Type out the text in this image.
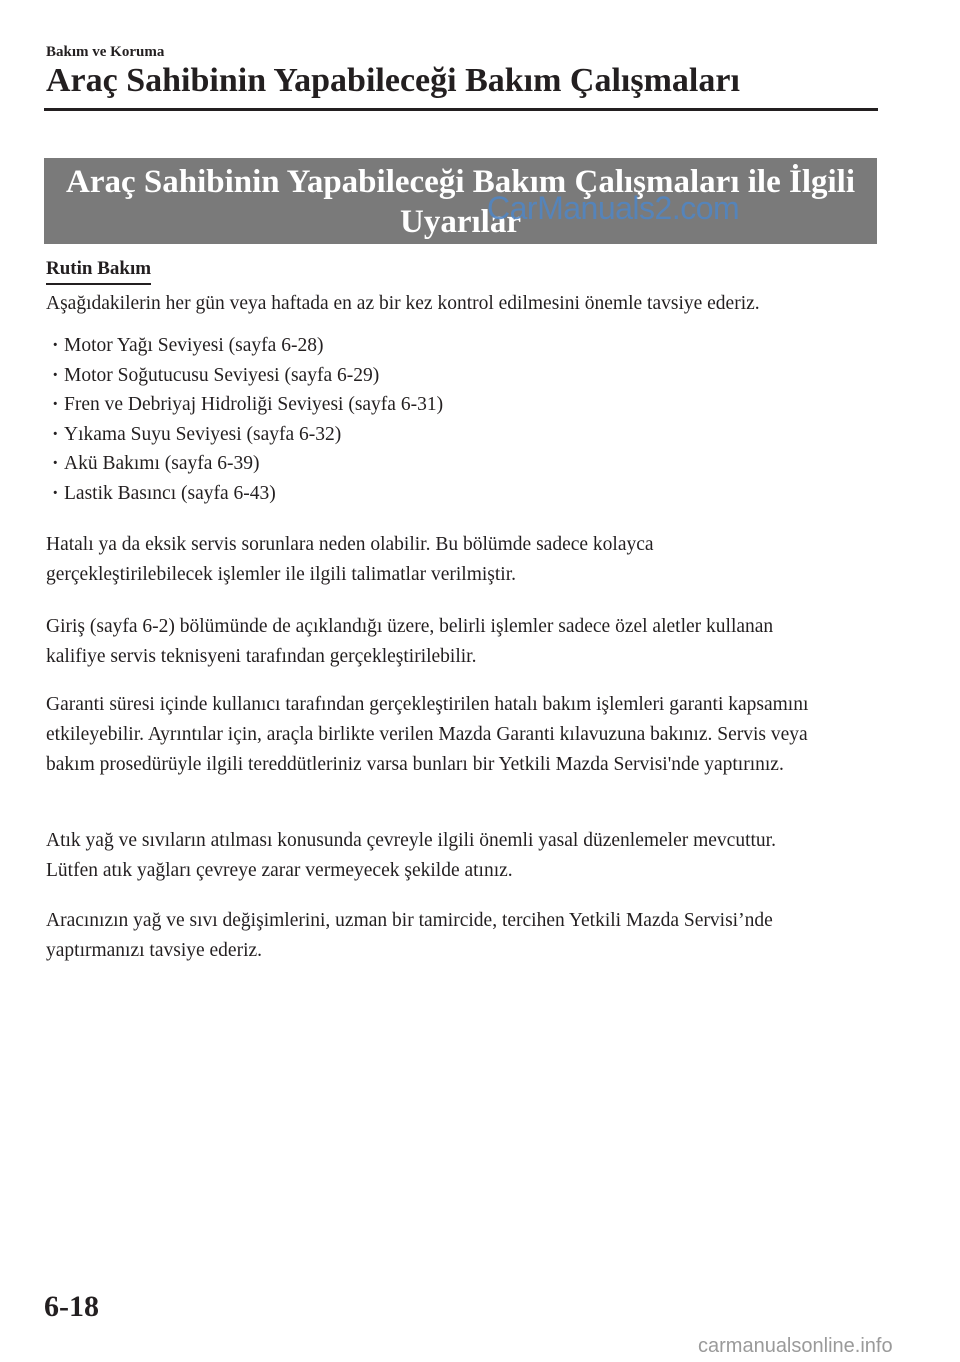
Bakım ve Koruma
Araç Sahibinin Yapabileceği Bakım Çalışmaları
Araç Sahibinin Yapabileceği Bakım Çalışmaları ile İlgili
Uyarılar
CarManuals2.com
Rutin Bakım

Aşağıdakilerin her gün veya haftada en az bir kez kontrol edilmesini önemle tavsiye ederiz.

· Motor Yağı Seviyesi (sayfa 6-28)
· Motor Soğutucusu Seviyesi (sayfa 6-29)
· Fren ve Debriyaj Hidroliği Seviyesi (sayfa 6-31)
· Yıkama Suyu Seviyesi (sayfa 6-32)
· Akü Bakımı (sayfa 6-39)
· Lastik Basıncı (sayfa 6-43)

Hatalı ya da eksik servis sorunlara neden olabilir. Bu bölümde sadece kolayca gerçekleştirilebilecek işlemler ile ilgili talimatlar verilmiştir.

Giriş (sayfa 6-2) bölümünde de açıklandığı üzere, belirli işlemler sadece özel aletler kullanan kalifiye servis teknisyeni tarafından gerçekleştirilebilir.

Garanti süresi içinde kullanıcı tarafından gerçekleştirilen hatalı bakım işlemleri garanti kapsamını etkileyebilir. Ayrıntılar için, araçla birlikte verilen Mazda Garanti kılavuzuna bakınız. Servis veya bakım prosedürüyle ilgili tereddütleriniz varsa bunları bir Yetkili Mazda Servisi'nde yaptırınız.

Atık yağ ve sıvıların atılması konusunda çevreyle ilgili önemli yasal düzenlemeler mevcuttur. Lütfen atık yağları çevreye zarar vermeyecek şekilde atınız.

Aracınızın yağ ve sıvı değişimlerini, uzman bir tamircide, tercihen Yetkili Mazda Servisi’nde yaptırmanızı tavsiye ederiz.

6-18
carmanualsonline.info
